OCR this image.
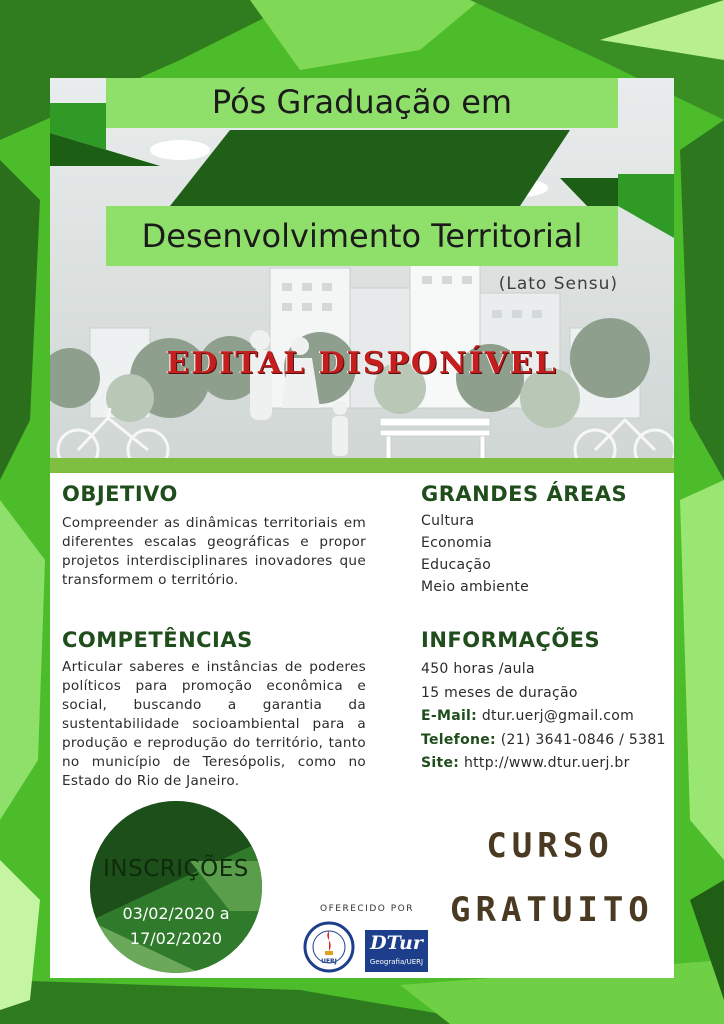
Pós Graduação em
Desenvolvimento Territorial
(Lato Sensu)
EDITAL DISPONÍVEL
OBJETIVO
Compreender as dinâmicas territoriais em diferentes escalas geográficas e propor projetos interdisciplinares inovadores que transformem o território.
GRANDES ÁREAS
Cultura
Economia
Educação
Meio ambiente
COMPETÊNCIAS
Articular saberes e instâncias de poderes políticos para promoção econômica e social, buscando a garantia da sustentabilidade socioambiental para a produção e reprodução do território, tanto no município de Teresópolis, como no Estado do Rio de Janeiro.
INFORMAÇÕES
450 horas /aula
15 meses de duração
E-Mail: dtur.uerj@gmail.com
Telefone: (21) 3641-0846 / 5381
Site: http://www.dtur.uerj.br
INSCRIÇÕES
03/02/2020 a
17/02/2020
OFERECIDO POR
UERJ
DTur
Geografia/UERJ
CURSO
GRATUITO
